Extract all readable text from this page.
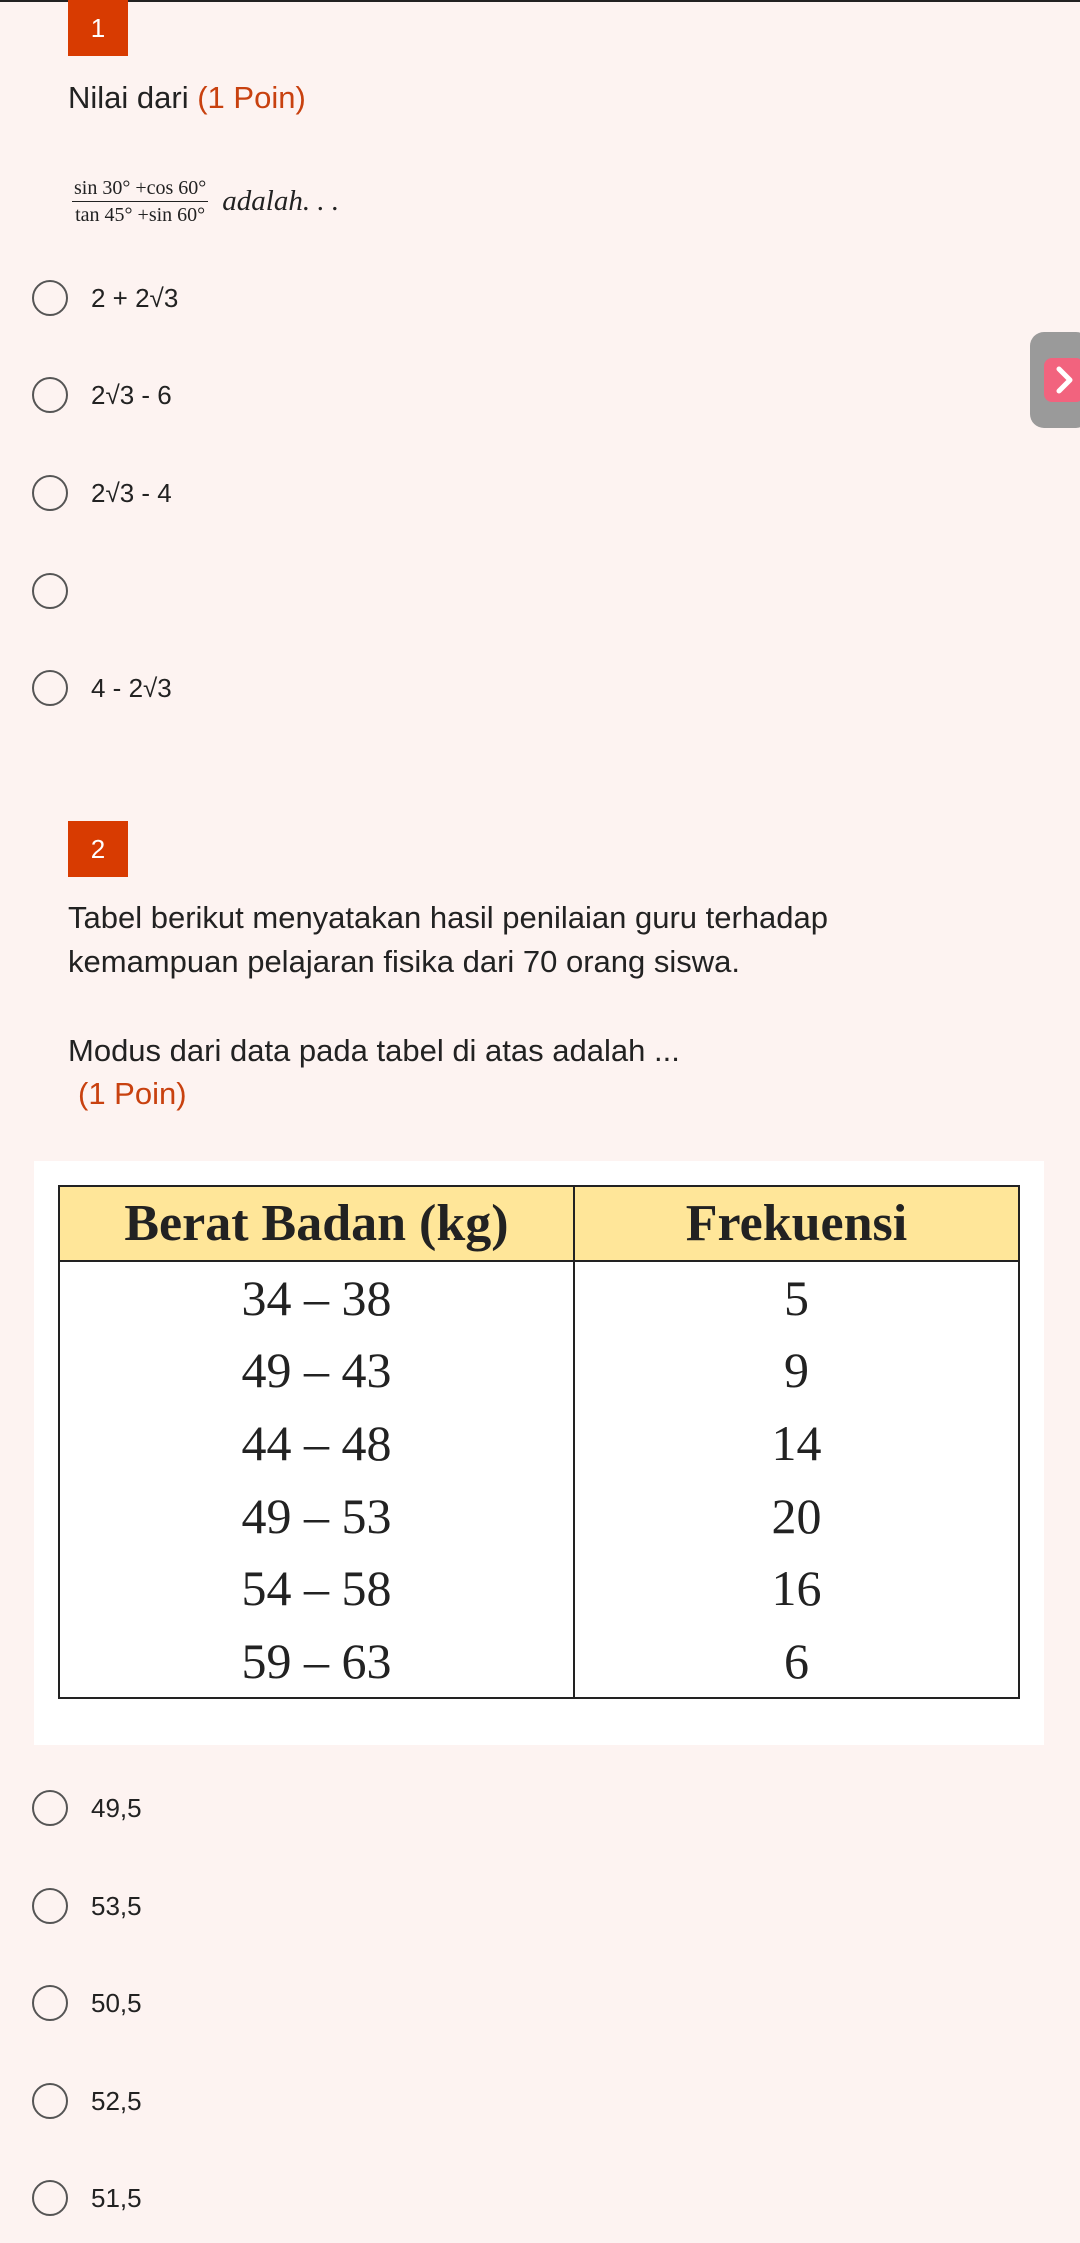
1
Nilai dari (1 Poin)
$\frac{\sin 30^\circ +\cos 60^\circ}{\tan 45^\circ +\sin 60^\circ}$ adalah. . .
2 + 2√3
2√3 - 6
2√3 - 4
4 - 2√3
2
Tabel berikut menyatakan hasil penilaian guru terhadap
kemampuan pelajaran fisika dari 70 orang siswa.
Modus dari data pada tabel di atas adalah ...
(1 Poin)
Berat Badan (kg)	Frekuensi
34 – 38	5
49 – 43	9
44 – 48	14
49 – 53	20
54 – 58	16
59 – 63	6
49,5
53,5
50,5
52,5
51,5
